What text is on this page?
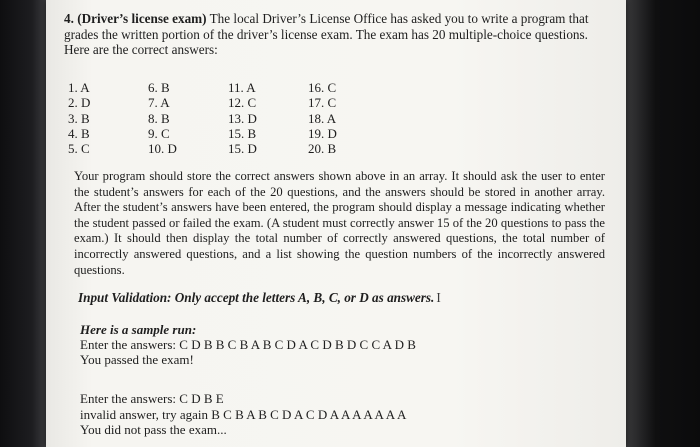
4. (Driver’s license exam) The local Driver’s License Office has asked you to write a program that grades the written portion of the driver’s license exam. The exam has 20 multiple-choice questions. Here are the correct answers:
1. A
2. D
3. B
4. B
5. C
6. B
7. A
8. B
9. C
10. D
11. A
12. C
13. D
15. B
15. D
16. C
17. C
18. A
19. D
20. B
Your program should store the correct answers shown above in an array. It should ask the user to enter the student’s answers for each of the 20 questions, and the answers should be stored in another array. After the student’s answers have been entered, the program should display a message indicating whether the student passed or failed the exam. (A student must correctly answer 15 of the 20 questions to pass the exam.) It should then display the total number of correctly answered questions, the total number of incorrectly answered questions, and a list showing the question numbers of the incorrectly answered questions.
Input Validation: Only accept the letters A, B, C, or D as answers. I
Here is a sample run:
Enter the answers: C D B B C B A B C D A C D B D C C A D B
You passed the exam!
Enter the answers: C D B E
invalid answer, try again B C B A B C D A C D A A A A A A A
You did not pass the exam...
